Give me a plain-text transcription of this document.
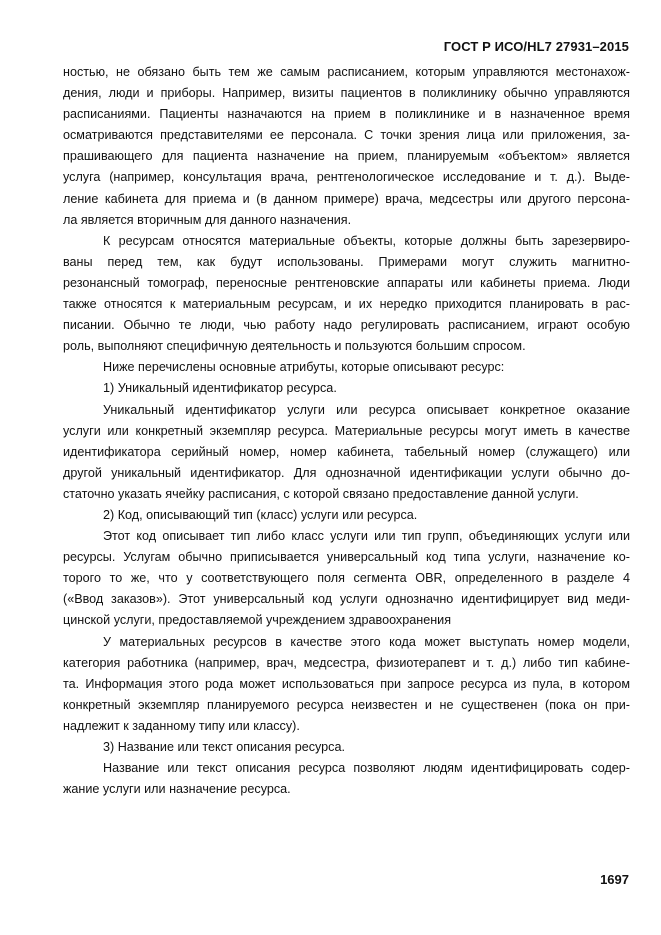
ГОСТ Р ИСО/HL7 27931–2015
ностью, не обязано быть тем же самым расписанием, которым управляются местонахож-
дения, люди и приборы. Например, визиты пациентов в поликлинику обычно управляются
расписаниями. Пациенты назначаются на прием в поликлинике и в назначенное время
осматриваются представителями ее персонала. С точки зрения лица или приложения, за-
прашивающего для пациента назначение на прием, планируемым «объектом» является
услуга (например, консультация врача, рентгенологическое исследование и т. д.). Выде-
ление кабинета для приема и (в данном примере) врача, медсестры или другого персона-
ла является вторичным для данного назначения.
К ресурсам относятся материальные объекты, которые должны быть зарезервиро-
ваны перед тем, как будут использованы. Примерами могут служить магнитно-
резонансный томограф, переносные рентгеновские аппараты или кабинеты приема. Люди
также относятся к материальным ресурсам, и их нередко приходится планировать в рас-
писании. Обычно те люди, чью работу надо регулировать расписанием, играют особую
роль, выполняют специфичную деятельность и пользуются большим спросом.
Ниже перечислены основные атрибуты, которые описывают ресурс:
1) Уникальный идентификатор ресурса.
Уникальный идентификатор услуги или ресурса описывает конкретное оказание
услуги или конкретный экземпляр ресурса. Материальные ресурсы могут иметь в качестве
идентификатора серийный номер, номер кабинета, табельный номер (служащего) или
другой уникальный идентификатор. Для однозначной идентификации услуги обычно до-
статочно указать ячейку расписания, с которой связано предоставление данной услуги.
2) Код, описывающий тип (класс) услуги или ресурса.
Этот код описывает тип либо класс услуги или тип групп, объединяющих услуги или
ресурсы. Услугам обычно приписывается универсальный код типа услуги, назначение ко-
торого то же, что у соответствующего поля сегмента OBR, определенного в разделе 4
(«Ввод заказов»). Этот универсальный код услуги однозначно идентифицирует вид меди-
цинской услуги, предоставляемой учреждением здравоохранения
У материальных ресурсов в качестве этого кода может выступать номер модели,
категория работника (например, врач, медсестра, физиотерапевт и т. д.) либо тип кабине-
та. Информация этого рода может использоваться при запросе ресурса из пула, в котором
конкретный экземпляр планируемого ресурса неизвестен и не существенен (пока он при-
надлежит к заданному типу или классу).
3) Название или текст описания ресурса.
Название или текст описания ресурса позволяют людям идентифицировать содер-
жание услуги или назначение ресурса.
1697
